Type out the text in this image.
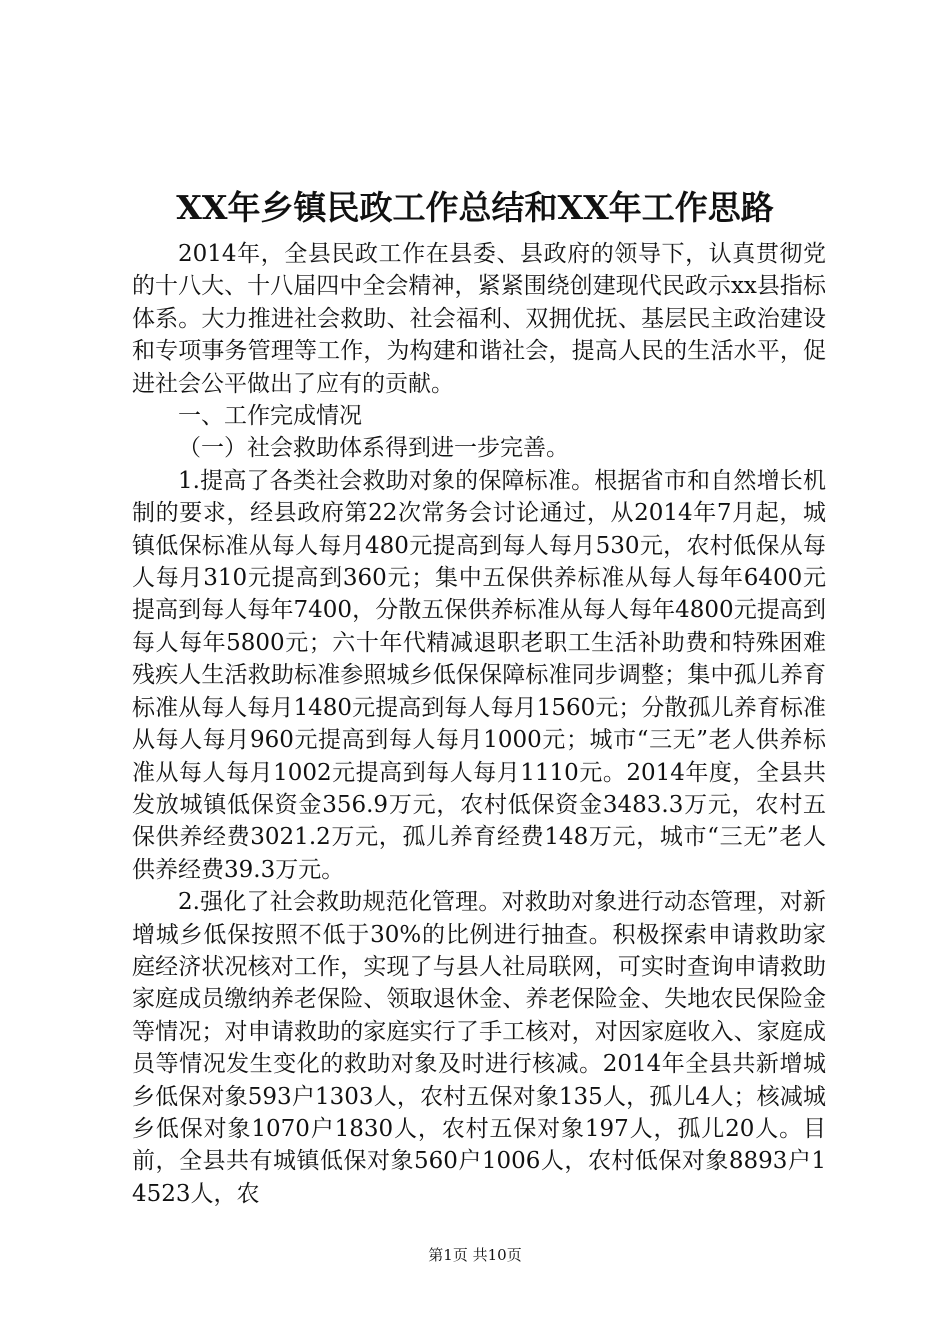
XX年乡镇民政工作总结和XX年工作思路

2014年，全县民政工作在县委、县政府的领导下，认真贯彻党的十八大、十八届四中全会精神，紧紧围绕创建现代民政示xx县指标体系。大力推进社会救助、社会福利、双拥优抚、基层民主政治建设和专项事务管理等工作，为构建和谐社会，提高人民的生活水平，促进社会公平做出了应有的贡献。

一、工作完成情况

（一）社会救助体系得到进一步完善。

1.提高了各类社会救助对象的保障标准。根据省市和自然增长机制的要求，经县政府第22次常务会讨论通过，从2014年7月起，城镇低保标准从每人每月480元提高到每人每月530元，农村低保从每人每月310元提高到360元；集中五保供养标准从每人每年6400元提高到每人每年7400，分散五保供养标准从每人每年4800元提高到每人每年5800元；六十年代精减退职老职工生活补助费和特殊困难残疾人生活救助标准参照城乡低保保障标准同步调整；集中孤儿养育标准从每人每月1480元提高到每人每月1560元；分散孤儿养育标准从每人每月960元提高到每人每月1000元；城市“三无”老人供养标准从每人每月1002元提高到每人每月1110元。2014年度，全县共发放城镇低保资金356.9万元，农村低保资金3483.3万元，农村五保供养经费3021.2万元，孤儿养育经费148万元，城市“三无”老人供养经费39.3万元。

2.强化了社会救助规范化管理。对救助对象进行动态管理，对新增城乡低保按照不低于30%的比例进行抽查。积极探索申请救助家庭经济状况核对工作，实现了与县人社局联网，可实时查询申请救助家庭成员缴纳养老保险、领取退休金、养老保险金、失地农民保险金等情况；对申请救助的家庭实行了手工核对，对因家庭收入、家庭成员等情况发生变化的救助对象及时进行核减。2014年全县共新增城乡低保对象593户1303人，农村五保对象135人，孤儿4人；核减城乡低保对象1070户1830人，农村五保对象197人，孤儿20人。目前，全县共有城镇低保对象560户1006人，农村低保对象8893户14523人，农

第1页 共10页
